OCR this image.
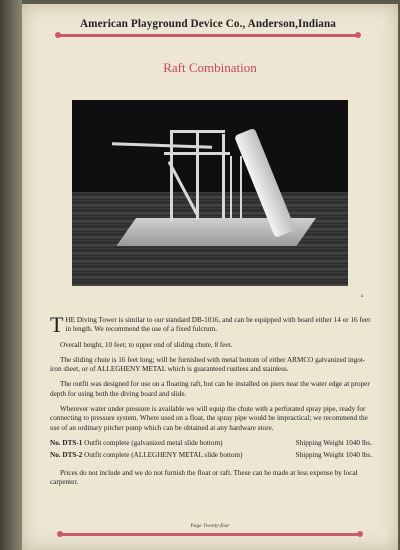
American Playground Device Co., Anderson,Indiana
Raft Combination
a

THE Diving Tower is similar to our standard DB-1016, and can be equipped with board either 14 or 16 feet in length. We recommend the use of a fixed fulcrum.

Overall height, 10 feet; to upper end of sliding chute, 8 feet.

The sliding chute is 16 feet long; will be furnished with metal bottom of either ARMCO galvanized ingot-iron sheet, or of ALLEGHENY METAL which is guaranteed rustless and stainless.

The outfit was designed for use on a floating raft, but can be installed on piers near the water edge at proper depth for using both the diving board and slide.

Wherever water under pressure is available we will equip the chute with a perforated spray pipe, ready for connecting to pressure system. Where used on a float, the spray pipe would be impractical; we recommend the use of an ordinary pitcher pump which can be obtained at any hardware store.

No. DTS-1 Outfit complete (galvanized metal slide bottom)	Shipping Weight 1040 lbs.
No. DTS-2 Outfit complete (ALLEGHENY METAL slide bottom)	Shipping Weight 1040 lbs.

Prices do not include and we do not furnish the float or raft. These can be made at less expense by local carpenter.

Page Twenty-four
